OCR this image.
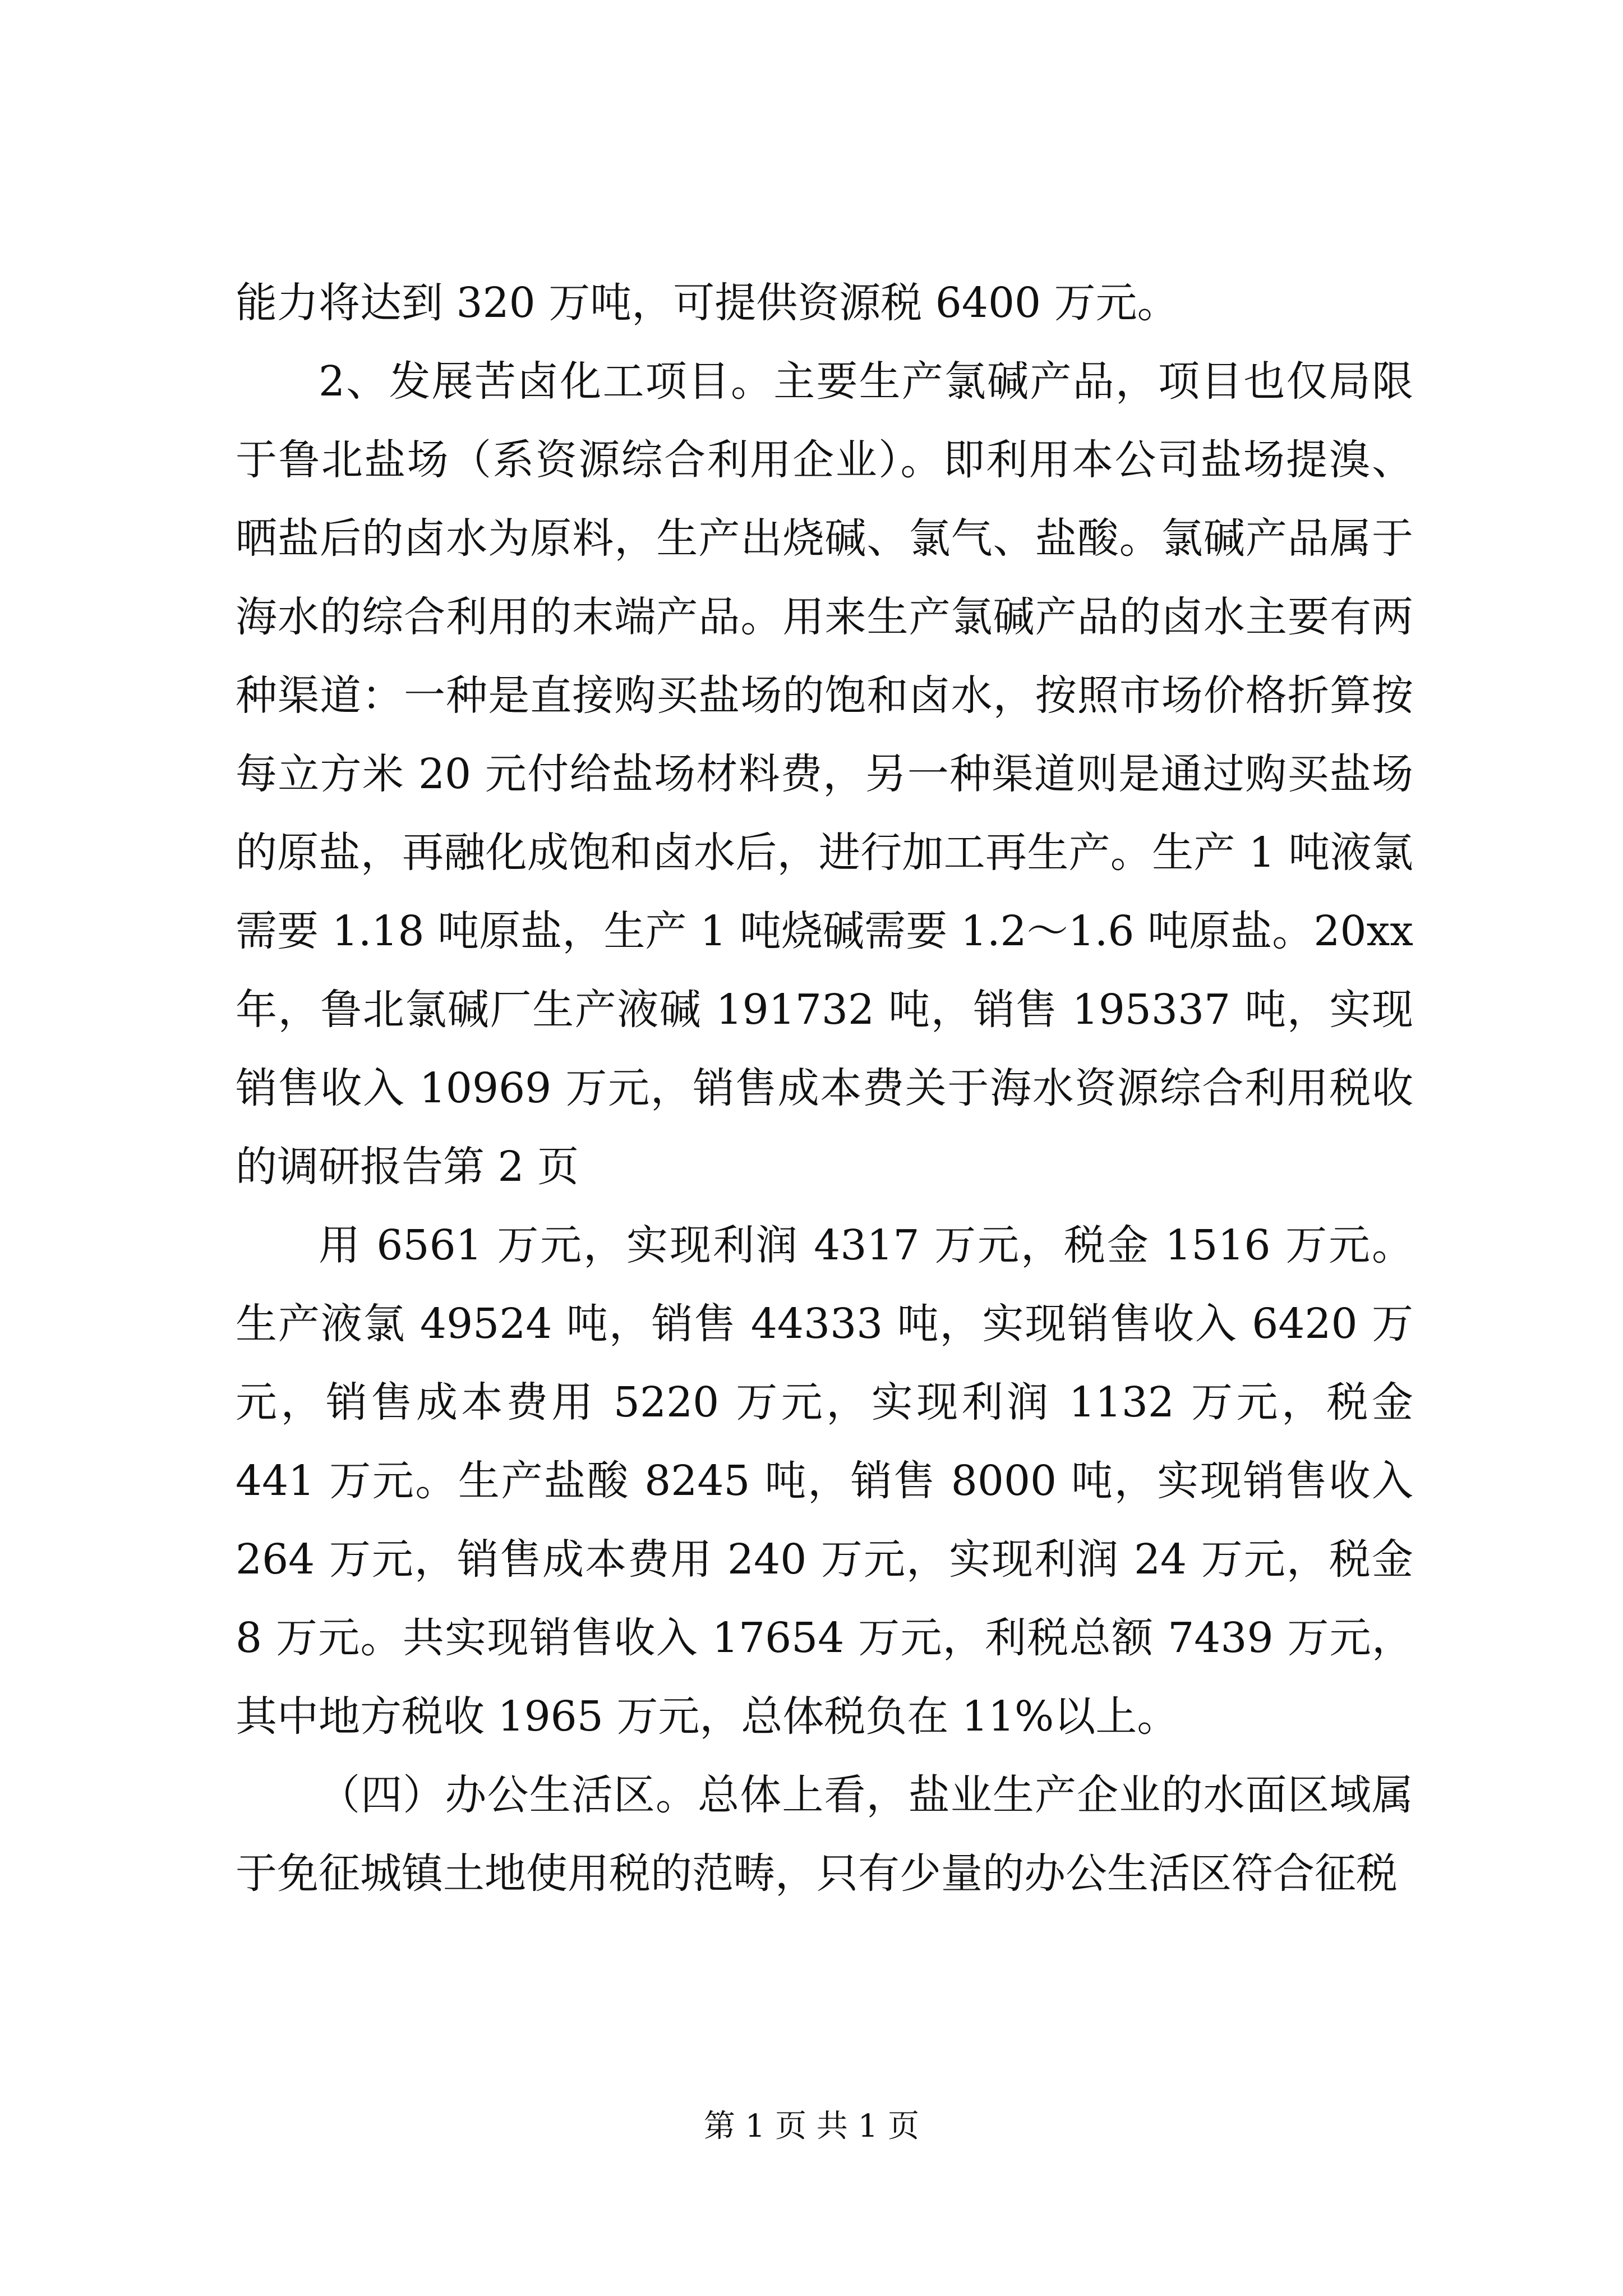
能力将达到 320 万吨，可提供资源税 6400 万元。

2、发展苦卤化工项目。主要生产氯碱产品，项目也仅局限于鲁北盐场（系资源综合利用企业）。即利用本公司盐场提溴、晒盐后的卤水为原料，生产出烧碱、氯气、盐酸。氯碱产品属于海水的综合利用的末端产品。用来生产氯碱产品的卤水主要有两种渠道：一种是直接购买盐场的饱和卤水，按照市场价格折算按每立方米 20 元付给盐场材料费，另一种渠道则是通过购买盐场的原盐，再融化成饱和卤水后，进行加工再生产。生产 1 吨液氯需要 1.18 吨原盐，生产 1 吨烧碱需要 1.2～1.6 吨原盐。20xx 年，鲁北氯碱厂生产液碱 191732 吨，销售 195337 吨，实现销售收入 10969 万元，销售成本费关于海水资源综合利用税收的调研报告第 2 页

用 6561 万元，实现利润 4317 万元，税金 1516 万元。生产液氯 49524 吨，销售 44333 吨，实现销售收入 6420 万元，销售成本费用 5220 万元，实现利润 1132 万元，税金 441 万元。生产盐酸 8245 吨，销售 8000 吨，实现销售收入 264 万元，销售成本费用 240 万元，实现利润 24 万元，税金 8 万元。共实现销售收入 17654 万元，利税总额 7439 万元，其中地方税收 1965 万元，总体税负在 11%以上。

（四）办公生活区。总体上看，盐业生产企业的水面区域属于免征城镇土地使用税的范畴，只有少量的办公生活区符合征税

第 1 页 共 1 页
